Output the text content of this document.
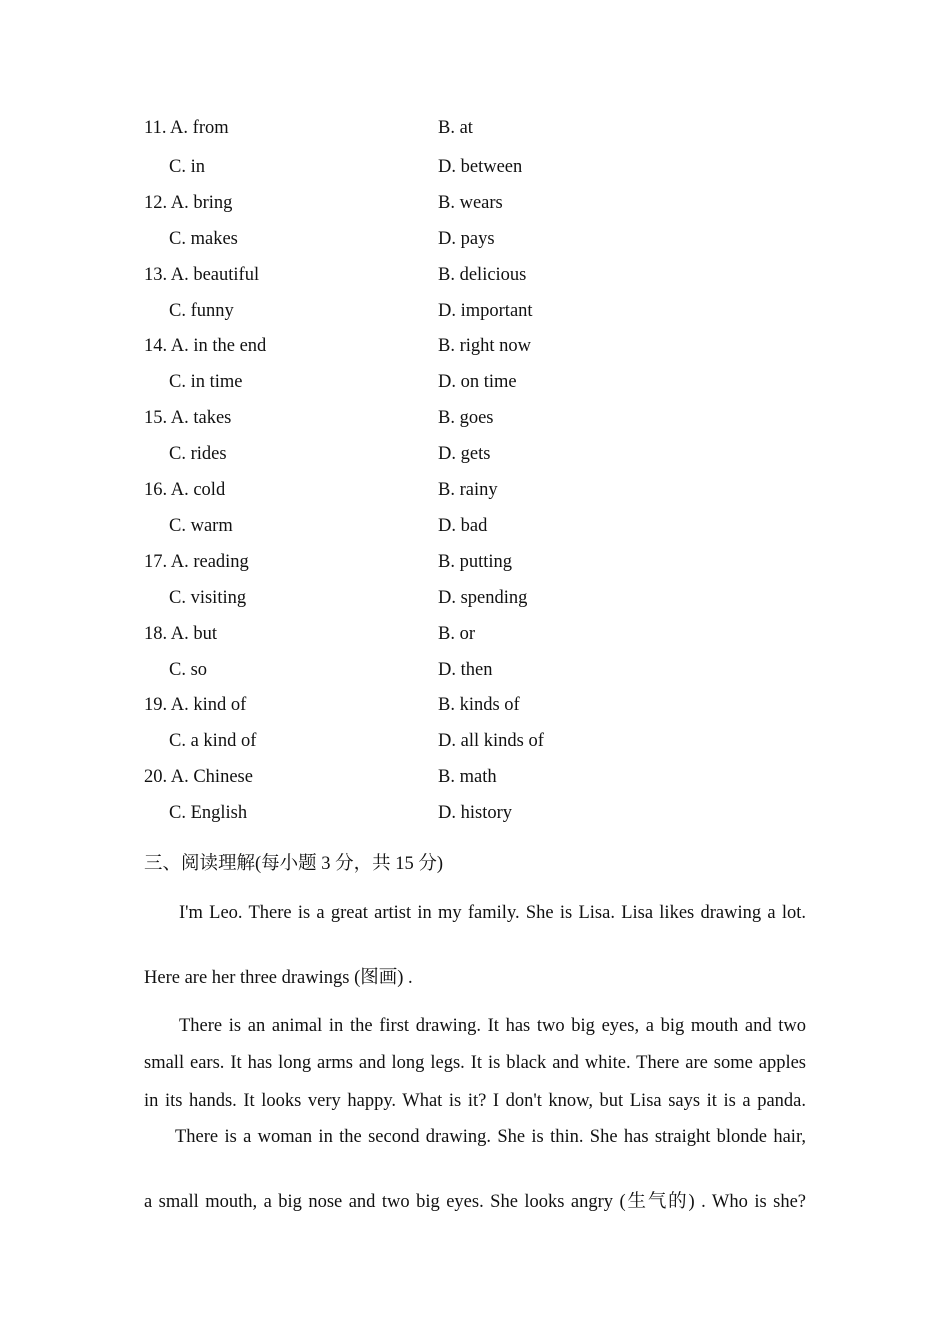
11. A. from	B. at
C. in	D. between
12. A. bring	B. wears
C. makes	D. pays
13. A. beautiful	B. delicious
C. funny	D. important
14. A. in the end	B. right now
C. in time	D. on time
15. A. takes	B. goes
C. rides	D. gets
16. A. cold	B. rainy
C. warm	D. bad
17. A. reading	B. putting
C. visiting	D. spending
18. A. but	B. or
C. so	D. then
19. A. kind of	B. kinds of
C. a kind of	D. all kinds of
20. A. Chinese	B. math
C. English	D. history
三、阅读理解(每小题 3 分，共 15 分)
I'm Leo. There is a great artist in my family. She is Lisa. Lisa likes drawing a lot.
Here are her three drawings (图画) .
There is an animal in the first drawing. It has two big eyes, a big mouth and two
small ears. It has long arms and long legs. It is black and white. There are some apples
in its hands. It looks very happy. What is it? I don't know, but Lisa says it is a panda.
There is a woman in the second drawing. She is thin. She has straight blonde hair,
a small mouth, a big nose and two big eyes. She looks angry (生气的) . Who is she?
